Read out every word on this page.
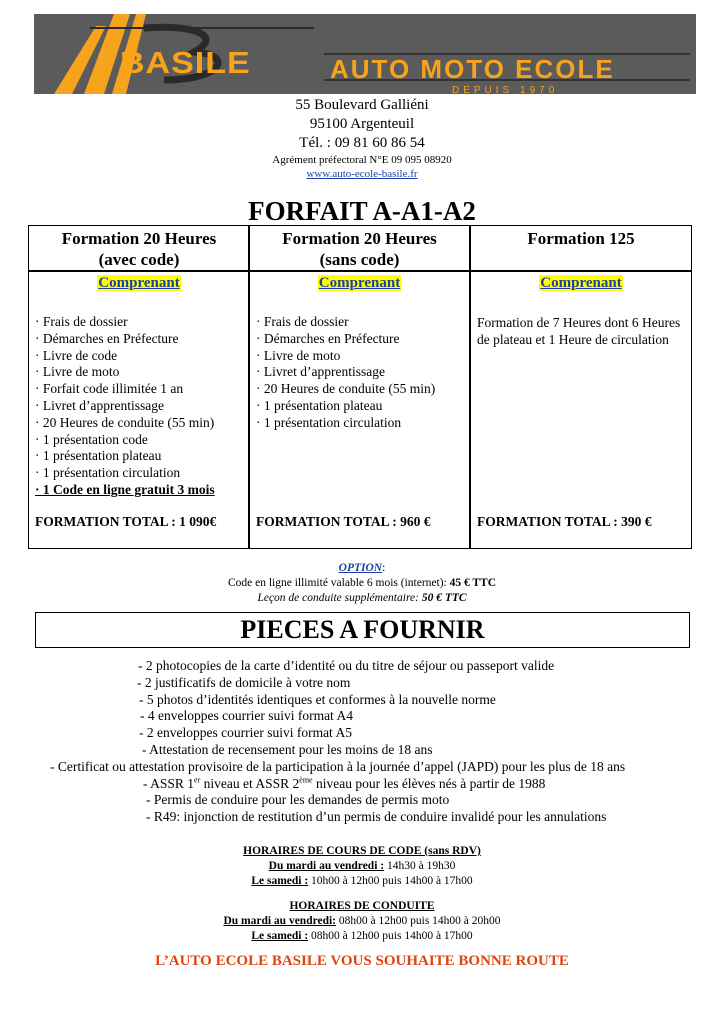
BASILE	AUTO MOTO ECOLE
DEPUIS 1970
55 Boulevard Galliéni
95100 Argenteuil
Tél. : 09 81 60 86 54
Agrément préfectoral N°E 09 095 08920
www.auto-ecole-basile.fr
FORFAIT A-A1-A2
Formation 20 Heures
(avec code)
Comprenant
· Frais de dossier
· Démarches en Préfecture
· Livre de code
· Livre de moto
· Forfait code illimitée 1 an
· Livret d’apprentissage
· 20 Heures de conduite (55 min)
· 1 présentation code
· 1 présentation plateau
· 1 présentation circulation
· 1 Code en ligne gratuit 3 mois
FORMATION TOTAL : 1 090€
Formation 20 Heures
(sans code)
Comprenant
· Frais de dossier
· Démarches en Préfecture
· Livre de moto
· Livret d’apprentissage
· 20 Heures de conduite (55 min)
· 1 présentation plateau
· 1 présentation circulation
FORMATION TOTAL : 960 €
Formation 125
Comprenant
Formation de 7 Heures dont 6 Heures de plateau et 1 Heure de circulation
FORMATION TOTAL : 390 €
OPTION:
Code en ligne illimité valable 6 mois (internet): 45 € TTC
Leçon de conduite supplémentaire: 50 € TTC
PIECES A FOURNIR
- 2 photocopies de la carte d’identité ou du titre de séjour ou passeport valide
- 2 justificatifs de domicile à votre nom
- 5 photos d’identités identiques et conformes à la nouvelle norme
- 4 enveloppes courrier suivi format A4
- 2 enveloppes courrier suivi format A5
- Attestation de recensement pour les moins de 18 ans
- Certificat ou attestation provisoire de la participation à la journée d’appel (JAPD) pour les plus de 18 ans
- ASSR 1er niveau et ASSR 2ème niveau pour les élèves nés à partir de 1988
- Permis de conduire pour les demandes de permis moto
- R49: injonction de restitution d’un permis de conduire invalidé pour les annulations
HORAIRES DE COURS DE CODE (sans RDV)
Du mardi au vendredi : 14h30 à 19h30
Le samedi : 10h00 à 12h00 puis 14h00 à 17h00
HORAIRES DE CONDUITE
Du mardi au vendredi: 08h00 à 12h00 puis 14h00 à 20h00
Le samedi : 08h00 à 12h00 puis 14h00 à 17h00
L’AUTO ECOLE BASILE VOUS SOUHAITE BONNE ROUTE
